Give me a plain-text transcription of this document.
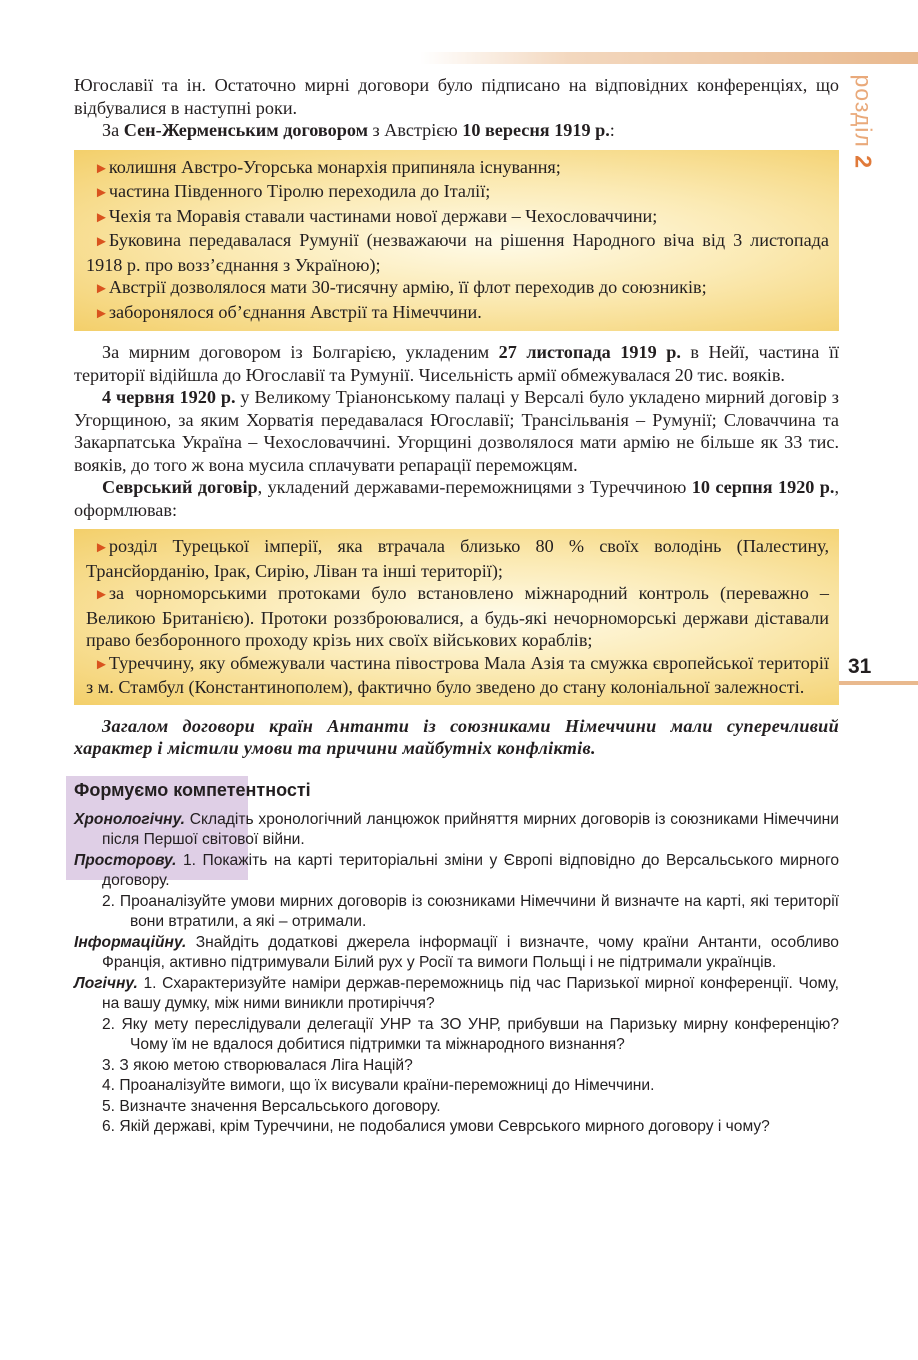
розділ 2
31

Югославії та ін. Остаточно мирні договори було підписано на відповідних конференціях, що відбувалися в наступні роки.

За Сен-Жерменським договором з Австрією 10 вересня 1919 р.:

► колишня Австро-Угорська монархія припиняла існування;

► частина Південного Тіролю переходила до Італії;

► Чехія та Моравія ставали частинами нової держави – Чехословаччини;

► Буковина передавалася Румунії (незважаючи на рішення Народного віча від 3 листопада 1918 р. про возз’єднання з Україною);

► Австрії дозволялося мати 30-тисячну армію, її флот переходив до союзників;

► заборонялося об’єднання Австрії та Німеччини.

За мирним договором із Болгарією, укладеним 27 листопада 1919 р. в Нейї, частина її території відійшла до Югославії та Румунії. Чисельність армії обмежувалася 20 тис. вояків.

4 червня 1920 р. у Великому Тріанонському палаці у Версалі було укладено мирний договір з Угорщиною, за яким Хорватія передавалася Югославії; Трансільванія – Румунії; Словаччина та Закарпатська Україна – Чехословаччині. Угорщині дозволялося мати армію не більше як 33 тис. вояків, до того ж вона мусила сплачувати репарації переможцям.

Севрський договір, укладений державами-переможницями з Туреччиною 10 серпня 1920 р., оформлював:

► розділ Турецької імперії, яка втрачала близько 80 % своїх володінь (Палестину, Трансйорданію, Ірак, Сирію, Ліван та інші території);

► за чорноморськими протоками було встановлено міжнародний контроль (переважно – Великою Британією). Протоки роззброювалися, а будь-які нечорноморські держави діставали право безборонного проходу крізь них своїх військових кораблів;

► Туреччину, яку обмежували частина півострова Мала Азія та смужка європейської території з м. Стамбул (Константинополем), фактично було зведено до стану колоніальної залежності.

Загалом договори країн Антанти із союзниками Німеччини мали суперечливий характер і містили умови та причини майбутніх конфліктів.

Формуємо компетентності

Хронологічну. Складіть хронологічний ланцюжок прийняття мирних договорів із союзниками Німеччини після Першої світової війни.

Просторову. 1. Покажіть на карті територіальні зміни у Європі відповідно до Версальського мирного договору.

2. Проаналізуйте умови мирних договорів із союзниками Німеччини й визначте на карті, які території вони втратили, а які – отримали.

Інформаційну. Знайдіть додаткові джерела інформації і визначте, чому країни Антанти, особливо Франція, активно підтримували Білий рух у Росії та вимоги Польщі і не підтримали українців.

Логічну. 1. Схарактеризуйте наміри держав-переможниць під час Паризької мирної конференції. Чому, на вашу думку, між ними виникли протиріччя?

2. Яку мету переслідували делегації УНР та ЗО УНР, прибувши на Паризьку мирну конференцію? Чому їм не вдалося добитися підтримки та міжнародного визнання?

3. З якою метою створювалася Ліга Націй?

4. Проаналізуйте вимоги, що їх висували країни-переможниці до Німеччини.

5. Визначте значення Версальського договору.

6. Якій державі, крім Туреччини, не подобалися умови Севрського мирного договору і чому?
